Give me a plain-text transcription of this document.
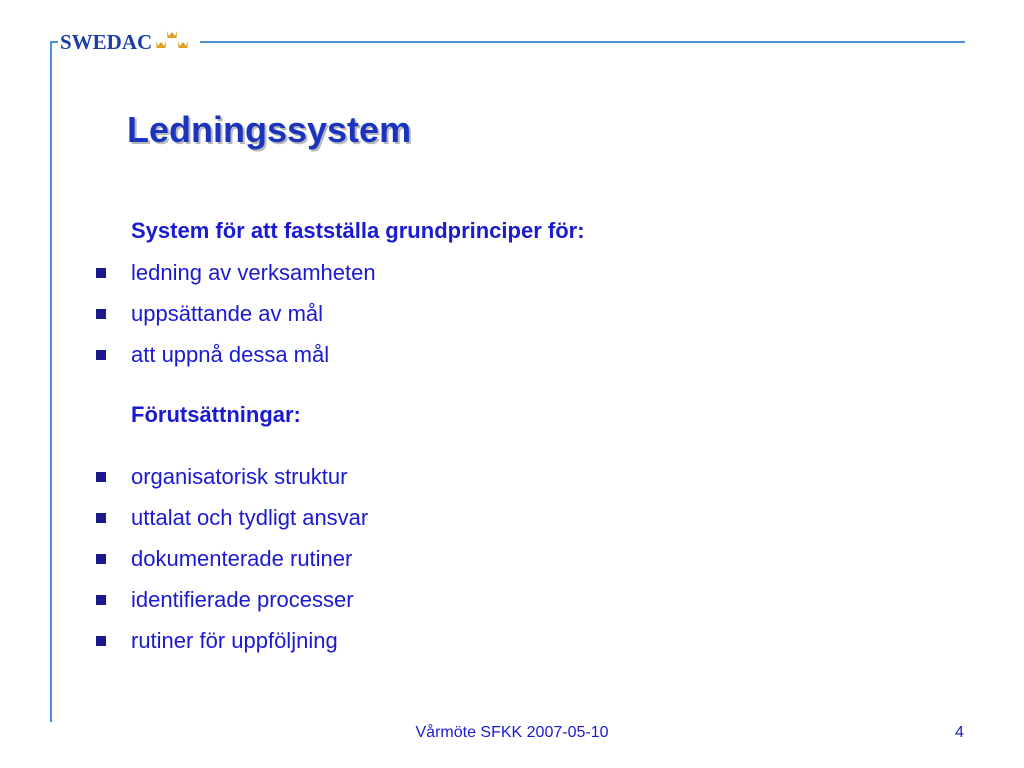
SWEDAC
Ledningssystem

System för att fastställa grundprinciper för:

ledning av verksamheten
uppsättande av mål
att uppnå dessa mål

Förutsättningar:

organisatorisk struktur
uttalat och tydligt ansvar
dokumenterade rutiner
identifierade processer
rutiner för uppföljning
Vårmöte SFKK 2007-05-10	4
